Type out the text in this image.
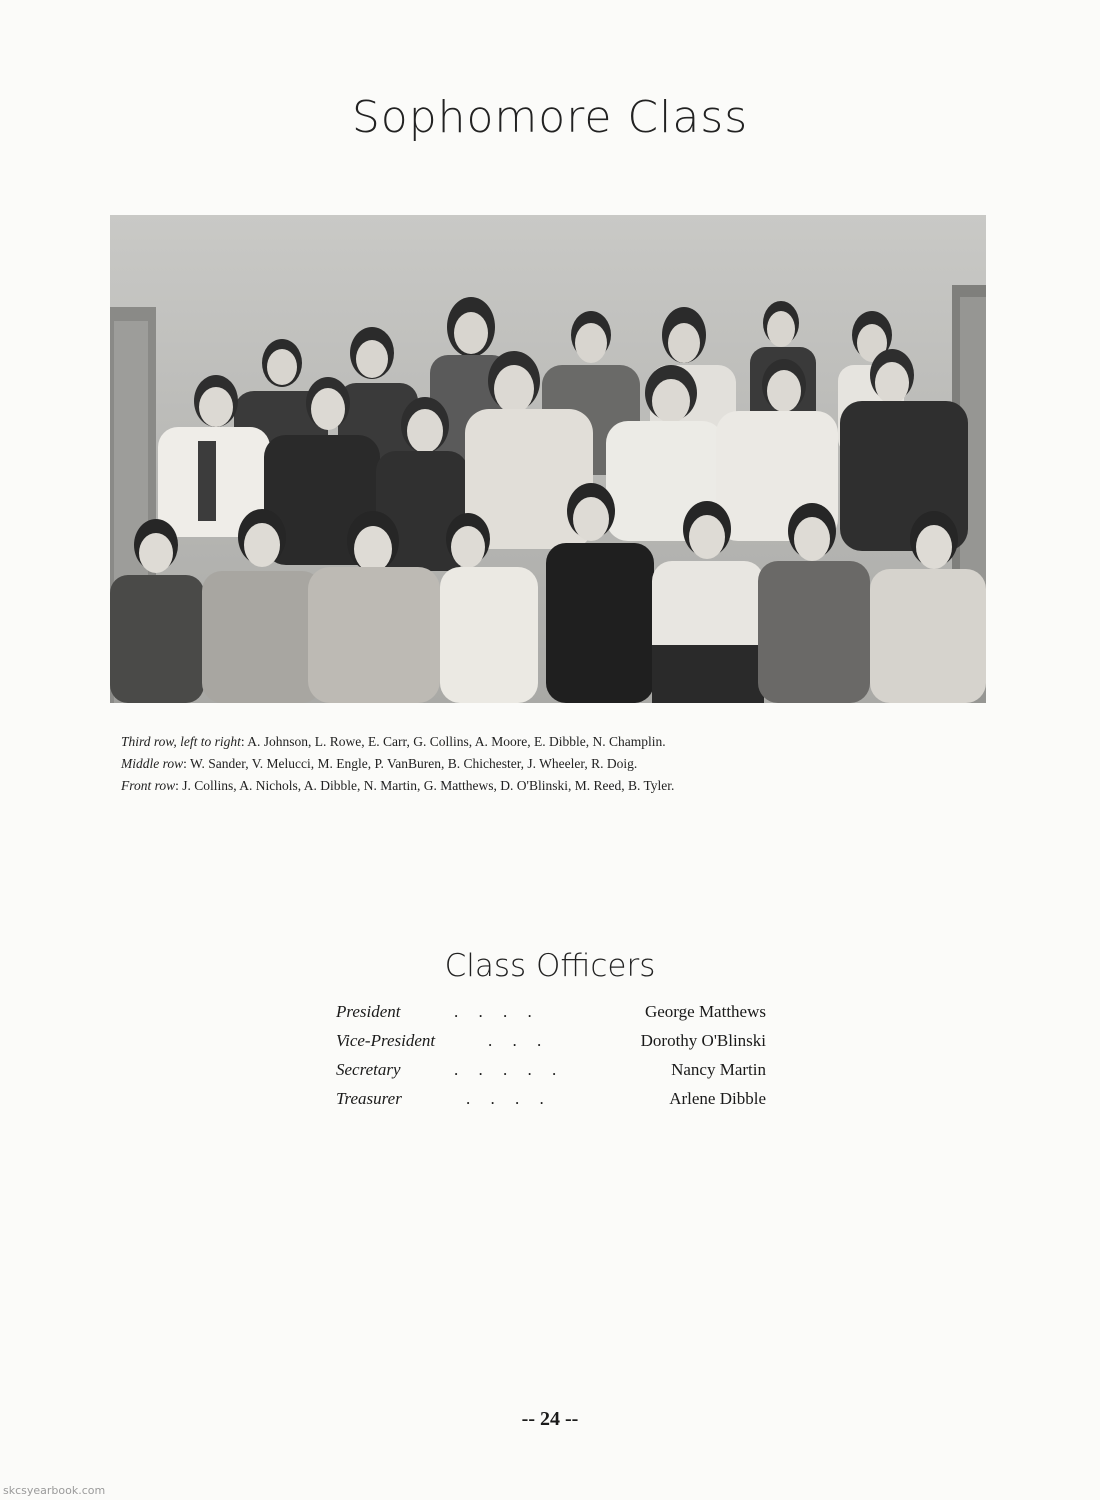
Sophomore Class
Third row, left to right: A. Johnson, L. Rowe, E. Carr, G. Collins, A. Moore, E. Dibble, N. Champlin.
Middle row: W. Sander, V. Melucci, M. Engle, P. VanBuren, B. Chichester, J. Wheeler, R. Doig.
Front row: J. Collins, A. Nichols, A. Dibble, N. Martin, G. Matthews, D. O'Blinski, M. Reed, B. Tyler.
Class Officers
President	. . . .	George Matthews
Vice-President	. . .	Dorothy O'Blinski
Secretary	. . . . .	Nancy Martin
Treasurer	. . . .	Arlene Dibble
-- 24 --
skcsyearbook.com
